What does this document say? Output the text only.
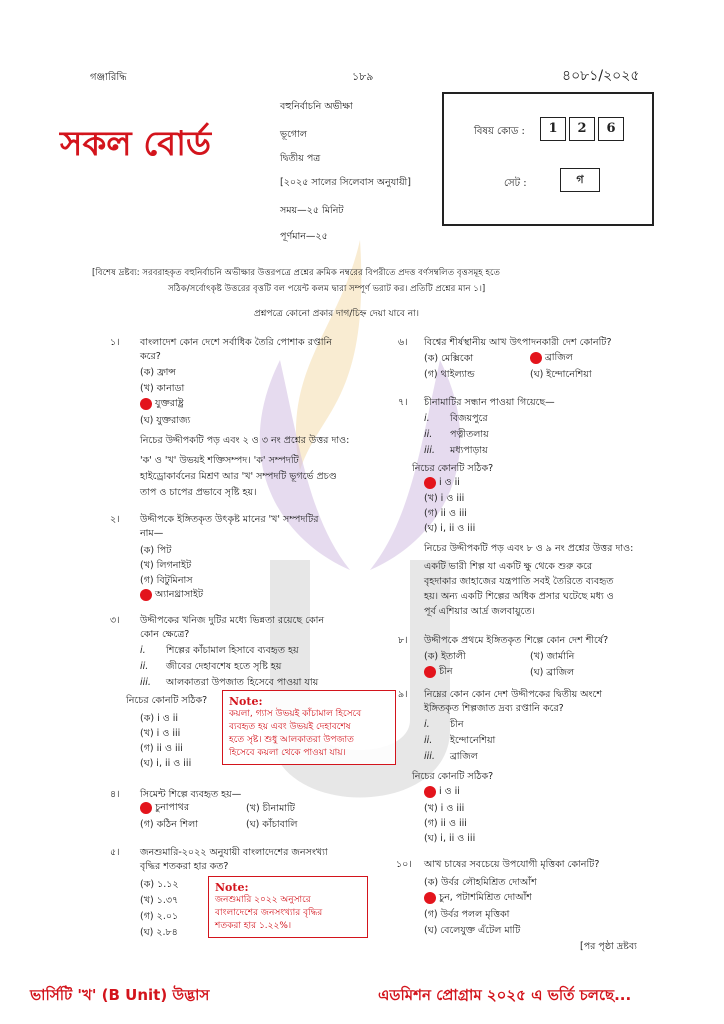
গঞ্জারিদ্ধি	১৮৯	৪০৮১/২০২৫
সকল বোর্ড
বহুনির্বাচনি অভীক্ষা
ভূগোল
দ্বিতীয় পত্র
[২০২৫ সালের সিলেবাস অনুযায়ী]
সময়—২৫ মিনিট
পূর্ণমান—২৫
বিষয় কোড :	1	2	6
সেট :	গ
[বিশেষ দ্রষ্টব্য: সরবরাহকৃত বহুনির্বাচনি অভীক্ষার উত্তরপত্রে প্রশ্নের ক্রমিক নম্বরের বিপরীতে প্রদত্ত বর্ণসম্বলিত বৃত্তসমূহ হতে
সঠিক/সর্বোৎকৃষ্ট উত্তরের বৃত্তটি বল পয়েন্ট কলম দ্বারা সম্পূর্ণ ভরাট কর। প্রতিটি প্রশ্নের মান ১।]
প্রশ্নপত্রে কোনো প্রকার দাগ/চিহ্ন দেয়া যাবে না।
১। বাংলাদেশ কোন দেশে সর্বাধিক তৈরি পোশাক রপ্তানি
করে?
(ক) ফ্রান্স
(খ) কানাডা
যুক্তরাষ্ট্র
(ঘ) যুক্তরাজ্য
নিচের উদ্দীপকটি পড় এবং ২ ও ৩ নং প্রশ্নের উত্তর দাও:
'ক' ও 'খ' উভয়ই শক্তিসম্পদ। 'ক' সম্পদটি
হাইড্রোকার্বনের মিশ্রণ আর 'খ' সম্পদটি ভূগর্ভে প্রচণ্ড
তাপ ও চাপের প্রভাবে সৃষ্টি হয়।
২। উদ্দীপকে ইঙ্গিতকৃত উৎকৃষ্ট মানের 'খ' সম্পদটির
নাম—
(ক) পিট
(খ) লিগনাইট
(গ) বিটুমিনাস
অ্যানথ্রাসাইট
৩। উদ্দীপকের খনিজ দুটির মধ্যে ভিন্নতা রয়েছে কোন
কোন ক্ষেত্রে?
i. শিল্পের কাঁচামাল হিসাবে ব্যবহৃত হয়
ii. জীবের দেহাবশেষ হতে সৃষ্টি হয়
iii. আলকাতরা উপজাত হিসেবে পাওয়া যায়
নিচের কোনটি সঠিক?
(ক) i ও ii
(খ) i ও iii
(গ) ii ও iii
(ঘ) i, ii ও iii
Note:
কয়লা, গ্যাস উভয়ই কাঁচামাল হিসেবে
ব্যবহৃত হয় এবং উভয়ই দেহাবশেষ
হতে সৃষ্ট। শুধু আলকাতরা উপজাত
হিসেবে কয়লা থেকে পাওয়া যায়।
৪। সিমেন্ট শিল্পে ব্যবহৃত হয়—
চুনাপাথর	(খ) চীনামাটি
(গ) কঠিন শিলা	(ঘ) কাঁচাবালি
৫। জনশুমারি-২০২২ অনুযায়ী বাংলাদেশের জনসংখ্যা
বৃদ্ধির শতকরা হার কত?
(ক) ১.১২
(খ) ১.৩৭
(গ) ২.০১
(ঘ) ২.৮৪
Note:
জনশুমারি ২০২২ অনুসারে
বাংলাদেশের জনসংখ্যার বৃদ্ধির
শতকরা হার ১.২২%।
৬। বিশ্বের শীর্ষস্থানীয় আখ উৎপাদনকারী দেশ কোনটি?
(ক) মেক্সিকো	ব্রাজিল
(গ) থাইল্যান্ড	(ঘ) ইন্দোনেশিয়া
৭। চীনামাটির সন্ধান পাওয়া গিয়েছে—
i. বিজয়পুরে
ii. পত্নীতলায়
iii. মধ্যপাড়ায়
নিচের কোনটি সঠিক?
i ও ii
(খ) i ও iii
(গ) ii ও iii
(ঘ) i, ii ও iii
নিচের উদ্দীপকটি পড় এবং ৮ ও ৯ নং প্রশ্নের উত্তর দাও:
একটি ভারী শিল্প যা একটি ক্ষু থেকে শুরু করে
বৃহদাকার জাহাজের যন্ত্রপাতি সবই তৈরিতে ব্যবহৃত
হয়। অন্য একটি শিল্পের অধিক প্রসার ঘটেছে মধ্য ও
পূর্ব এশিয়ার আর্দ্র জলবায়ুতে।
৮। উদ্দীপকে প্রথমে ইঙ্গিতকৃত শিল্পে কোন দেশ শীর্ষে?
(ক) ইতালী	(খ) জার্মানি
চীন	(ঘ) ব্রাজিল
৯। নিম্নের কোন কোন দেশ উদ্দীপকের দ্বিতীয় অংশে
ইঙ্গিতকৃত শিল্পজাত দ্রব্য রপ্তানি করে?
i. চীন
ii. ইন্দোনেশিয়া
iii. ব্রাজিল
নিচের কোনটি সঠিক?
i ও ii
(খ) i ও iii
(গ) ii ও iii
(ঘ) i, ii ও iii
১০। আখ চাষের সবচেয়ে উপযোগী মৃত্তিকা কোনটি?
(ক) উর্বর লৌহমিশ্রিত দোআঁশ
চুন, পটাশমিশ্রিত দোআঁশ
(গ) উর্বর পলল মৃত্তিকা
(ঘ) বেলেযুক্ত এঁটেল মাটি
[পর পৃষ্ঠা দ্রষ্টব্য
ভার্সিটি 'খ' (B Unit) উদ্ভাস	এডমিশন প্রোগ্রাম ২০২৫ এ ভর্তি চলছে...
